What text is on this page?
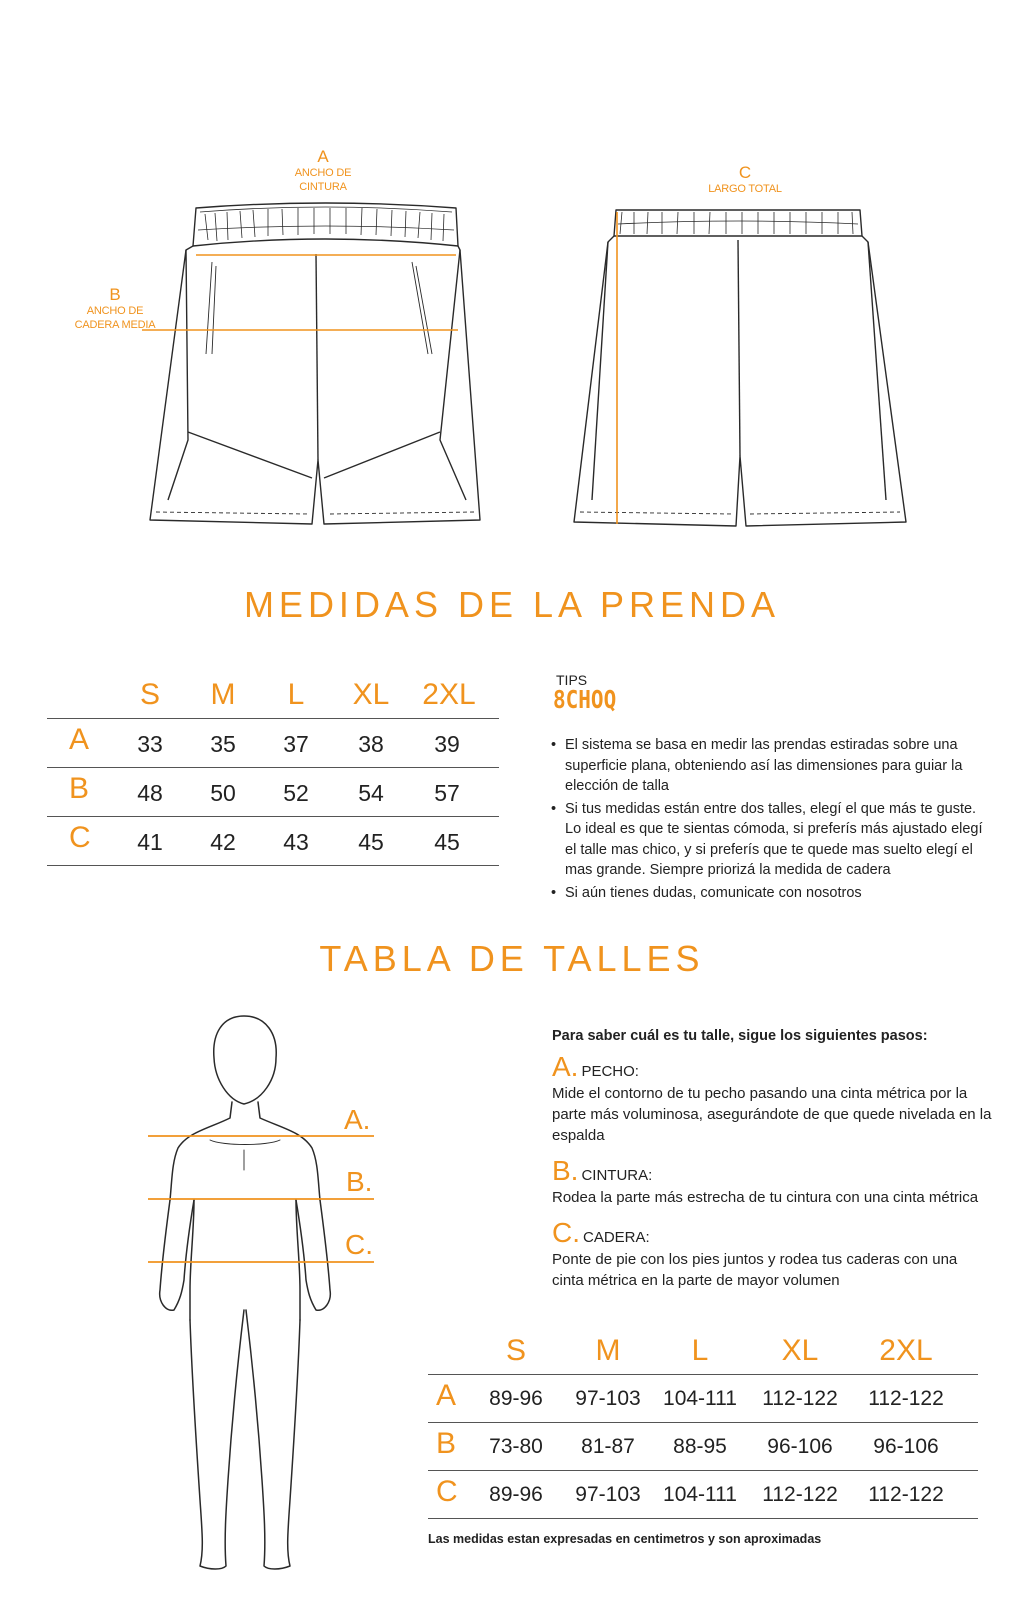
A
ANCHO DE
CINTURA
B
ANCHO DE
CADERA MEDIA
C
LARGO TOTAL
MEDIDAS DE LA PRENDA
S	M	L	XL	2XL
A	33	35	37	38	39
B	48	50	52	54	57
C	41	42	43	45	45
TIPS
8CHOQ
• El sistema se basa en medir las prendas estiradas sobre una superficie plana, obteniendo así las dimensiones para guiar la elección de talla
• Si tus medidas están entre dos talles, elegí el que más te guste. Lo ideal es que te sientas cómoda, si preferís más ajustado elegí el talle mas chico, y si preferís que te quede mas suelto elegí el mas grande. Siempre priorizá la medida de cadera
• Si aún tienes dudas, comunicate con nosotros
TABLA DE TALLES
A.
B.
C.
Para saber cuál es tu talle, sigue los siguientes pasos:
A. PECHO:
Mide el contorno de tu pecho pasando una cinta métrica por la parte más voluminosa, asegurándote de que quede nivelada en la espalda
B. CINTURA:
Rodea la parte más estrecha de tu cintura con una cinta métrica
C. CADERA:
Ponte de pie con los pies juntos y rodea tus caderas con una cinta métrica en la parte de mayor volumen
S	M	L	XL	2XL
A	89-96	97-103	104-111	112-122	112-122
B	73-80	81-87	88-95	96-106	96-106
C	89-96	97-103	104-111	112-122	112-122
Las medidas estan expresadas en centimetros y son aproximadas
